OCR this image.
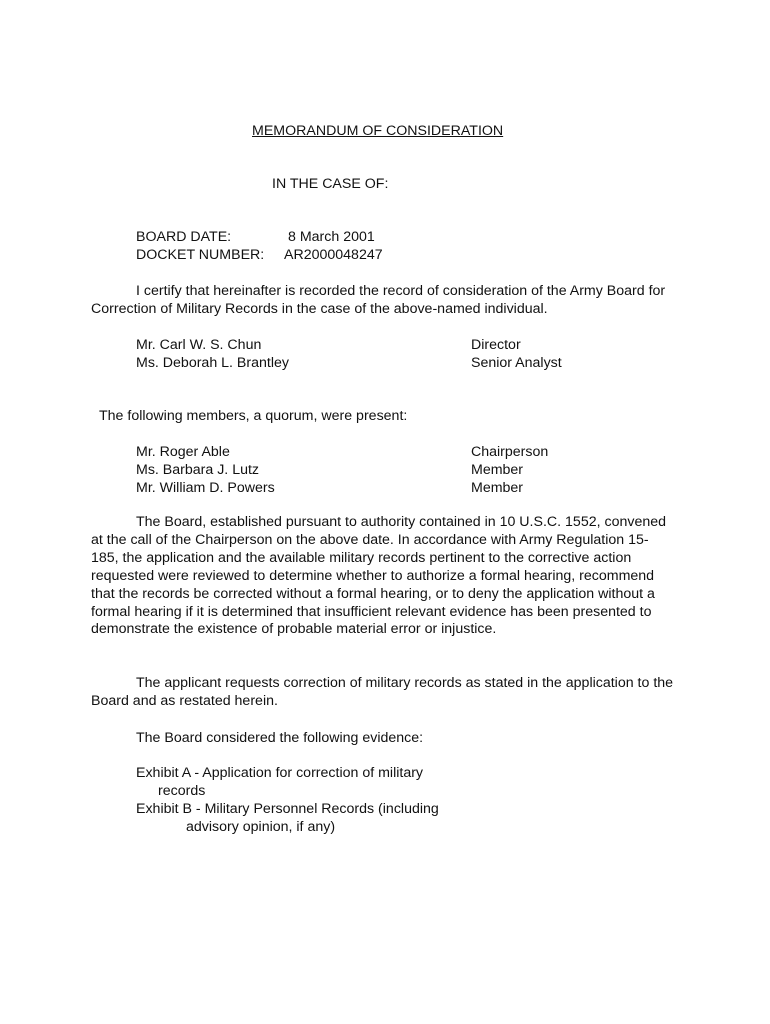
MEMORANDUM OF CONSIDERATION
IN THE CASE OF:
BOARD DATE:	8 March 2001
DOCKET NUMBER: AR2000048247
I certify that hereinafter is recorded the record of consideration of the Army Board for Correction of Military Records in the case of the above-named individual.
Mr. Carl W. S. Chun	Director
Ms. Deborah L. Brantley	Senior Analyst
The following members, a quorum, were present:
Mr. Roger Able	Chairperson
Ms. Barbara J. Lutz	Member
Mr. William D. Powers	Member
The Board, established pursuant to authority contained in 10 U.S.C. 1552, convened at the call of the Chairperson on the above date. In accordance with Army Regulation 15-185, the application and the available military records pertinent to the corrective action requested were reviewed to determine whether to authorize a formal hearing, recommend that the records be corrected without a formal hearing, or to deny the application without a formal hearing if it is determined that insufficient relevant evidence has been presented to demonstrate the existence of probable material error or injustice.
The applicant requests correction of military records as stated in the application to the Board and as restated herein.
The Board considered the following evidence:
Exhibit A - Application for correction of military
records
Exhibit B - Military Personnel Records (including
advisory opinion, if any)
